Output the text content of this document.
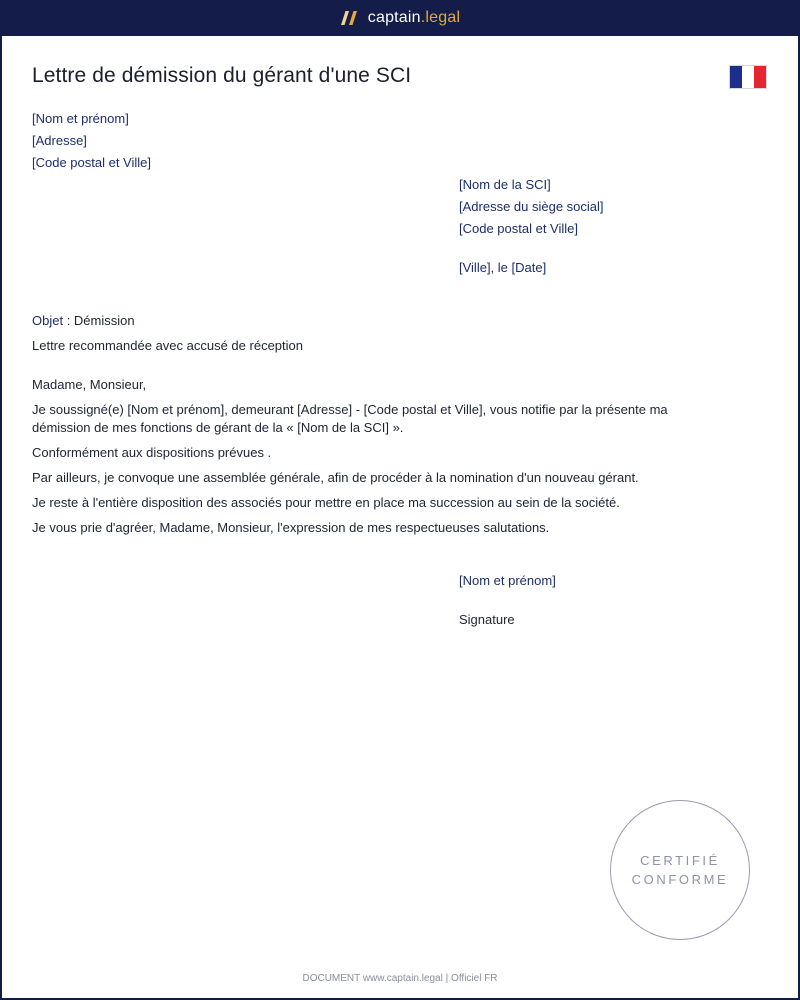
captain.legal
Lettre de démission du gérant d'une SCI
[Nom et prénom]
[Adresse]
[Code postal et Ville]
[Nom de la SCI]
[Adresse du siège social]
[Code postal et Ville]
[Ville], le [Date]
Objet : Démission
Lettre recommandée avec accusé de réception
Madame, Monsieur,
Je soussigné(e) [Nom et prénom], demeurant [Adresse] - [Code postal et Ville], vous notifie par la présente ma démission de mes fonctions de gérant de la « [Nom de la SCI] ».
Conformément aux dispositions prévues .
Par ailleurs, je convoque une assemblée générale, afin de procéder à la nomination d'un nouveau gérant.
Je reste à l'entière disposition des associés pour mettre en place ma succession au sein de la société.
Je vous prie d'agréer, Madame, Monsieur, l'expression de mes respectueuses salutations.
[Nom et prénom]
Signature
CERTIFIÉ
CONFORME
DOCUMENT www.captain.legal | Officiel FR
